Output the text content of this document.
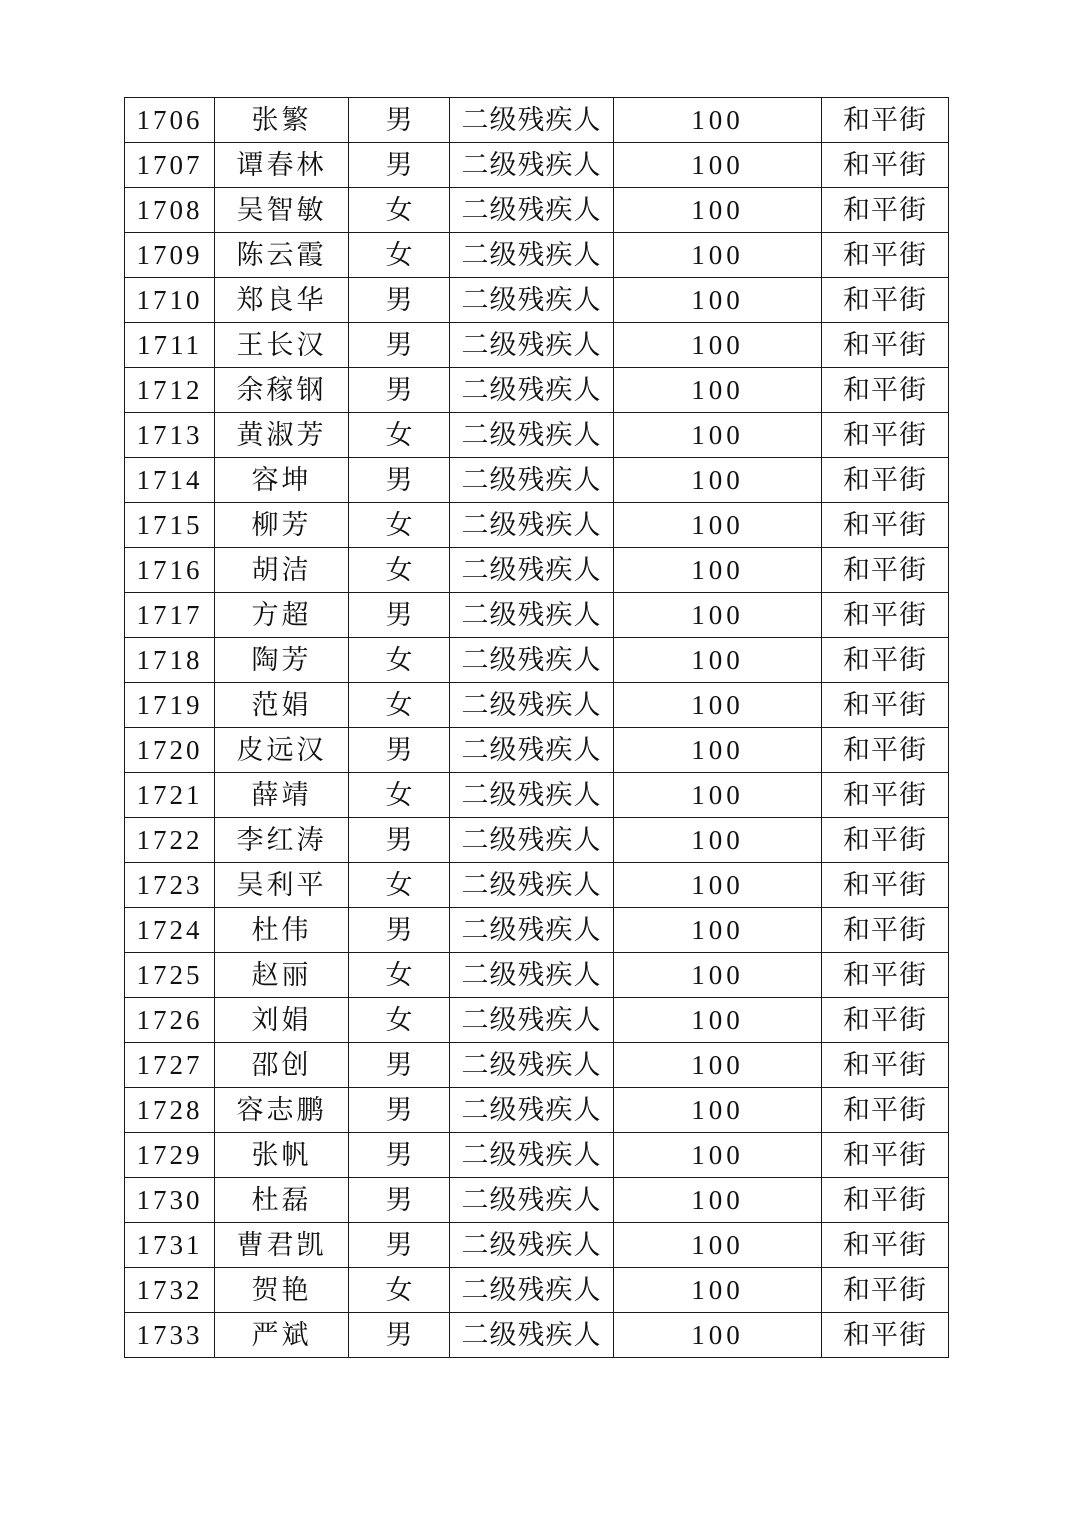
1706	张繁	男	二级残疾人	100	和平街
1707	谭春林	男	二级残疾人	100	和平街
1708	吴智敏	女	二级残疾人	100	和平街
1709	陈云霞	女	二级残疾人	100	和平街
1710	郑良华	男	二级残疾人	100	和平街
1711	王长汉	男	二级残疾人	100	和平街
1712	余稼钢	男	二级残疾人	100	和平街
1713	黄淑芳	女	二级残疾人	100	和平街
1714	容坤	男	二级残疾人	100	和平街
1715	柳芳	女	二级残疾人	100	和平街
1716	胡洁	女	二级残疾人	100	和平街
1717	方超	男	二级残疾人	100	和平街
1718	陶芳	女	二级残疾人	100	和平街
1719	范娟	女	二级残疾人	100	和平街
1720	皮远汉	男	二级残疾人	100	和平街
1721	薛靖	女	二级残疾人	100	和平街
1722	李红涛	男	二级残疾人	100	和平街
1723	吴利平	女	二级残疾人	100	和平街
1724	杜伟	男	二级残疾人	100	和平街
1725	赵丽	女	二级残疾人	100	和平街
1726	刘娟	女	二级残疾人	100	和平街
1727	邵创	男	二级残疾人	100	和平街
1728	容志鹏	男	二级残疾人	100	和平街
1729	张帆	男	二级残疾人	100	和平街
1730	杜磊	男	二级残疾人	100	和平街
1731	曹君凯	男	二级残疾人	100	和平街
1732	贺艳	女	二级残疾人	100	和平街
1733	严斌	男	二级残疾人	100	和平街
